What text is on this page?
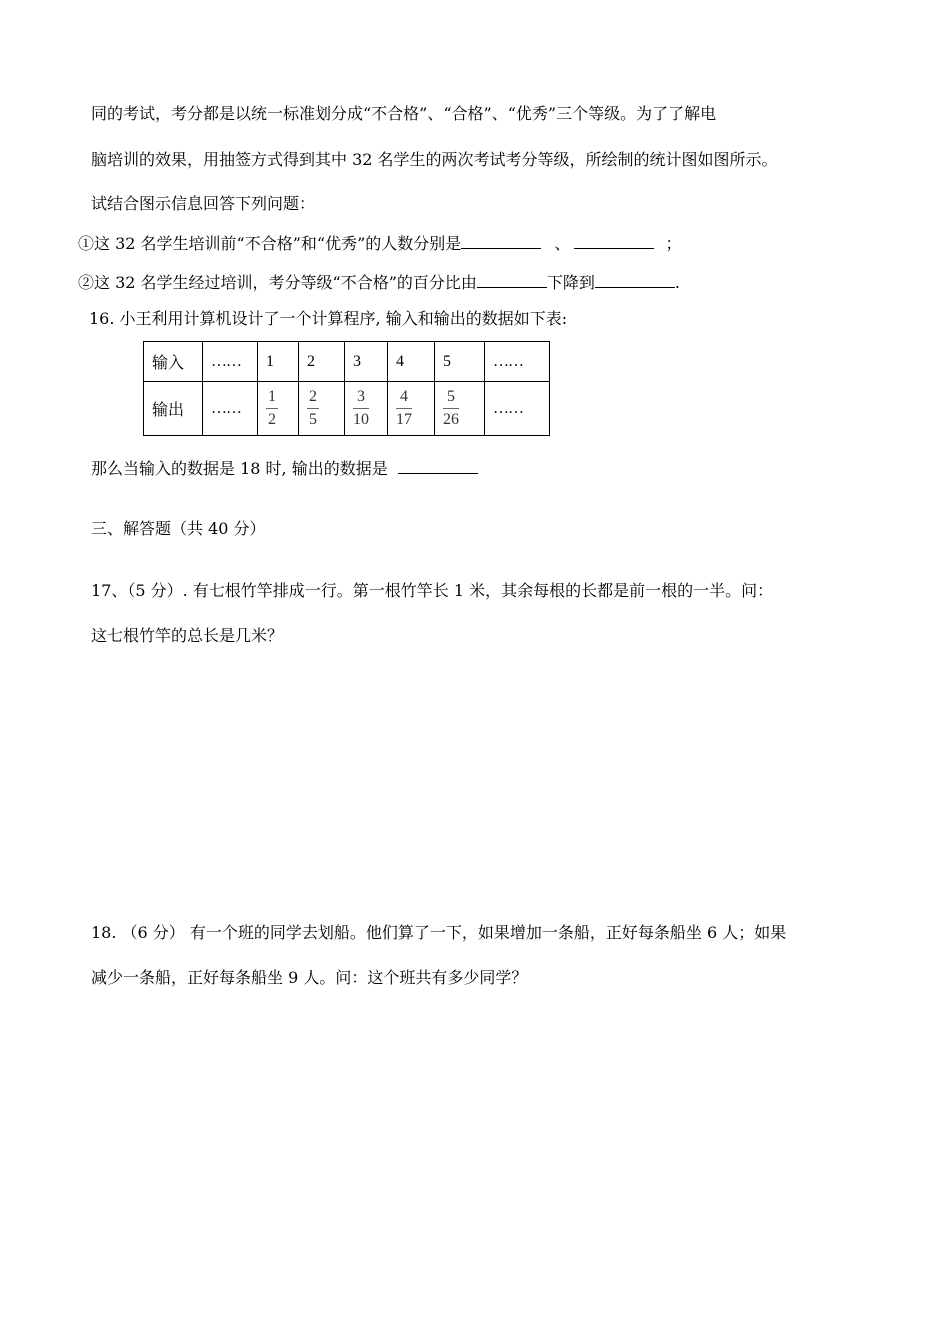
同的考试，考分都是以统一标准划分成“不合格”、“合格”、“优秀”三个等级。为了了解电
脑培训的效果，用抽签方式得到其中 32 名学生的两次考试考分等级，所绘制的统计图如图所示。
试结合图示信息回答下列问题：
①这 32 名学生培训前“不合格”和“优秀”的人数分别是	、	；
②这 32 名学生经过培训，考分等级“不合格”的百分比由	下降到	.
16. 小王利用计算机设计了一个计算程序, 输入和输出的数据如下表:
输入	……	1	2	3	4	5	……
输出	……	$\frac{1}{2}$	$\frac{2}{5}$	$\frac{3}{10}$	$\frac{4}{17}$	$\frac{5}{26}$	……
那么当输入的数据是 18 时, 输出的数据是
三、解答题（共 40 分）
17、（5 分）. 有七根竹竿排成一行。第一根竹竿长 1 米，其余每根的长都是前一根的一半。问：
这七根竹竿的总长是几米？
18. （6 分） 有一个班的同学去划船。他们算了一下，如果增加一条船，正好每条船坐 6 人；如果
减少一条船，正好每条船坐 9 人。问：这个班共有多少同学？
